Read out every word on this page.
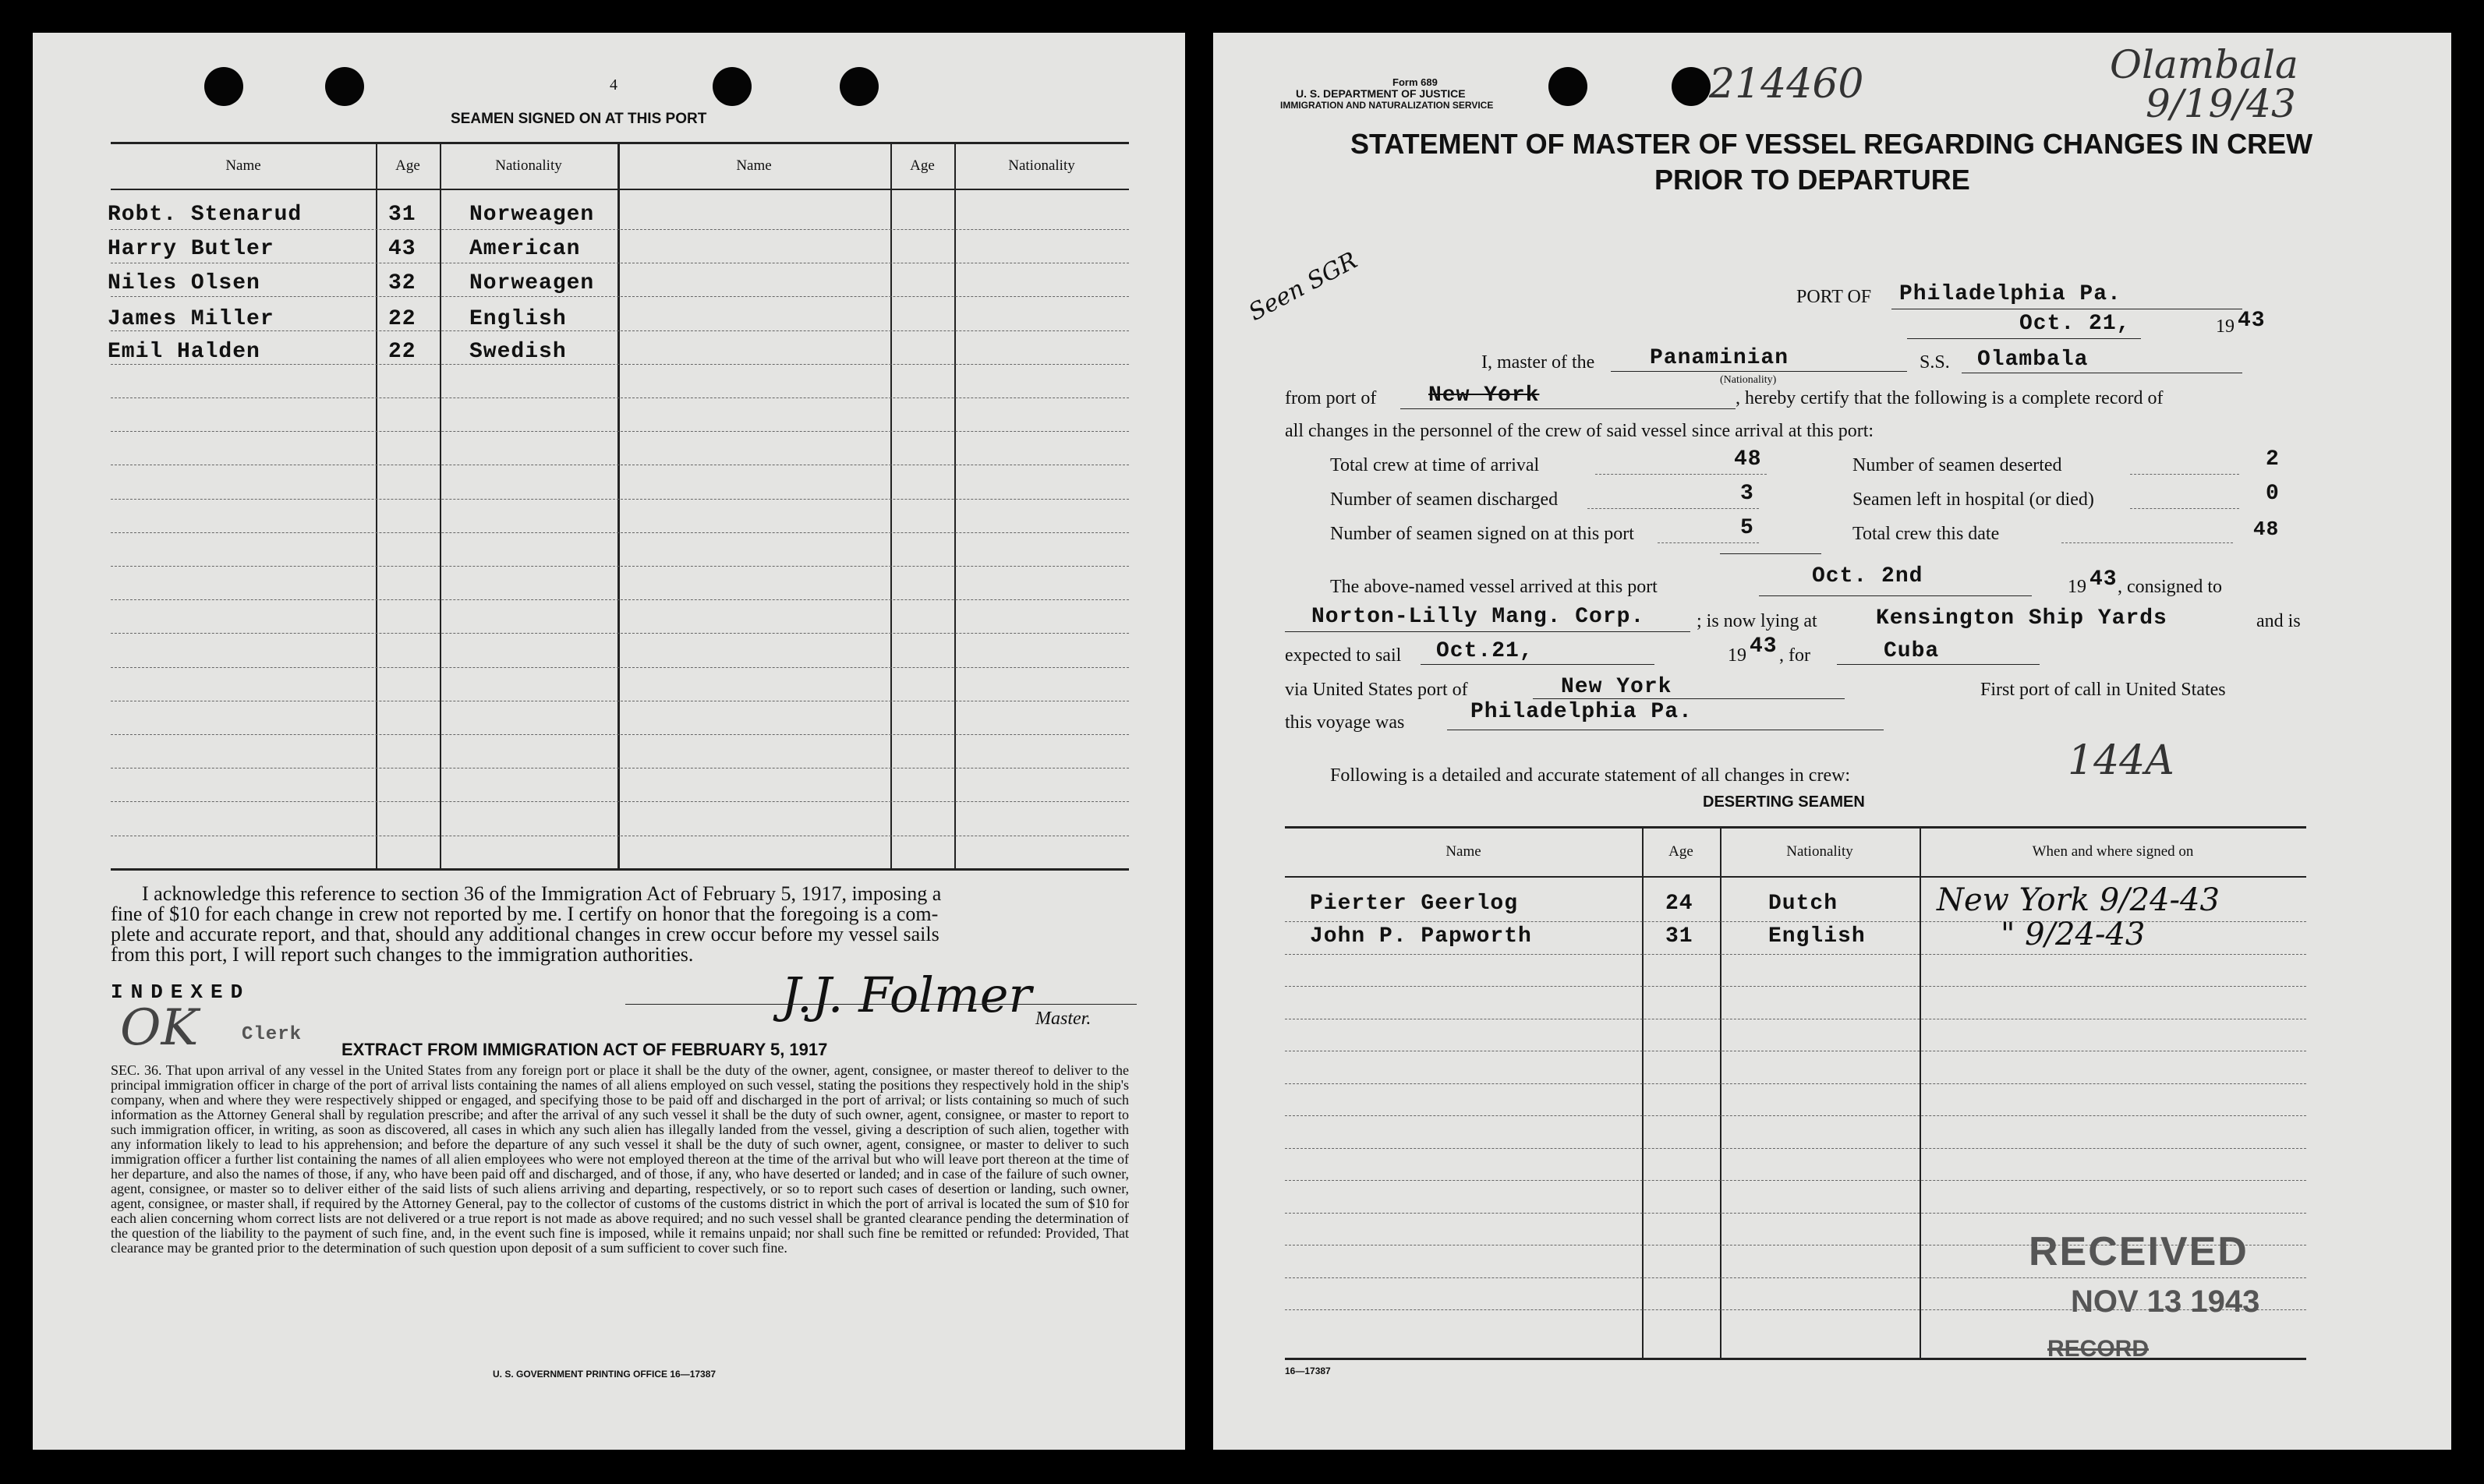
4
SEAMEN SIGNED ON AT THIS PORT
Name	Age	Nationality	Name	Age	Nationality
Robt. Stenarud	31 Norweagen
Harry Butler	43 American
Niles Olsen	32 Norweagen
James Miller	22 English
Emil Halden	22 Swedish
I acknowledge this reference to section 36 of the Immigration Act of February 5, 1917, imposing a
fine of $10 for each change in crew not reported by me. I certify on honor that the foregoing is a com-
plete and accurate report, and that, should any additional changes in crew occur before my vessel sails
from this port, I will report such changes to the immigration authorities.
INDEXED
OK Clerk
J.J. Folmer Master.
EXTRACT FROM IMMIGRATION ACT OF FEBRUARY 5, 1917
SEC. 36. That upon arrival of any vessel in the United States from any foreign port or place it shall be the duty of the owner, agent, consignee, or master thereof to deliver to the principal immigration officer in charge of the port of arrival lists containing the names of all aliens employed on such vessel, stating the positions they respectively hold in the ship's company, when and where they were respectively shipped or engaged, and specifying those to be paid off and discharged in the port of arrival; or lists containing so much of such information as the Attorney General shall by regulation prescribe; and after the arrival of any such vessel it shall be the duty of such owner, agent, consignee, or master to report to such immigration officer, in writing, as soon as discovered, all cases in which any such alien has illegally landed from the vessel, giving a description of such alien, together with any information likely to lead to his apprehension; and before the departure of any such vessel it shall be the duty of such owner, agent, consignee, or master to deliver to such immigration officer a further list containing the names of all alien employees who were not employed thereon at the time of the arrival but who will leave port thereon at the time of her departure, and also the names of those, if any, who have been paid off and discharged, and of those, if any, who have deserted or landed; and in case of the failure of such owner, agent, consignee, or master so to deliver either of the said lists of such aliens arriving and departing, respectively, or so to report such cases of desertion or landing, such owner, agent, consignee, or master shall, if required by the Attorney General, pay to the collector of customs of the customs district in which the port of arrival is located the sum of $10 for each alien concerning whom correct lists are not delivered or a true report is not made as above required; and no such vessel shall be granted clearance pending the determination of the question of the liability to the payment of such fine, and, in the event such fine is imposed, while it remains unpaid; nor shall such fine be remitted or refunded: Provided, That clearance may be granted prior to the determination of such question upon deposit of a sum sufficient to cover such fine.
U. S. GOVERNMENT PRINTING OFFICE 16—17387
Form 689
U. S. DEPARTMENT OF JUSTICE
IMMIGRATION AND NATURALIZATION SERVICE	214460	Olambala
9/19/43
STATEMENT OF MASTER OF VESSEL REGARDING CHANGES IN CREW
PRIOR TO DEPARTURE
Seen SGR	PORT OF Philadelphia Pa.
Oct. 21,	19 43
I, master of the	Panaminian
(Nationality)
S.S. Olambala
from port of New York	, hereby certify that the following is a complete record of
all changes in the personnel of the crew of said vessel since arrival at this port:
Total crew at time of arrival	48	Number of seamen deserted	2
Number of seamen discharged	3	Seamen left in hospital (or died)	0
Number of seamen signed on at this port	5	Total crew this date	48
The above-named vessel arrived at this port	Oct. 2nd	19 43 , consigned to
Norton-Lilly Mang. Corp.	; is now lying at	Kensington Ship Yards	and is
expected to sail Oct.21,	19 43 , for	Cuba
via United States port of	New York	First port of call in United States
this voyage was	Philadelphia Pa.
Following is a detailed and accurate statement of all changes in crew:	144A
DESERTING SEAMEN
Name	Age	Nationality	When and where signed on
Pierter Geerlog	24	Dutch	New York 9/24-43
John P. Papworth	31	English	" 9/24-43
RECEIVED
NOV 13 1943
RECORD
16—17387
